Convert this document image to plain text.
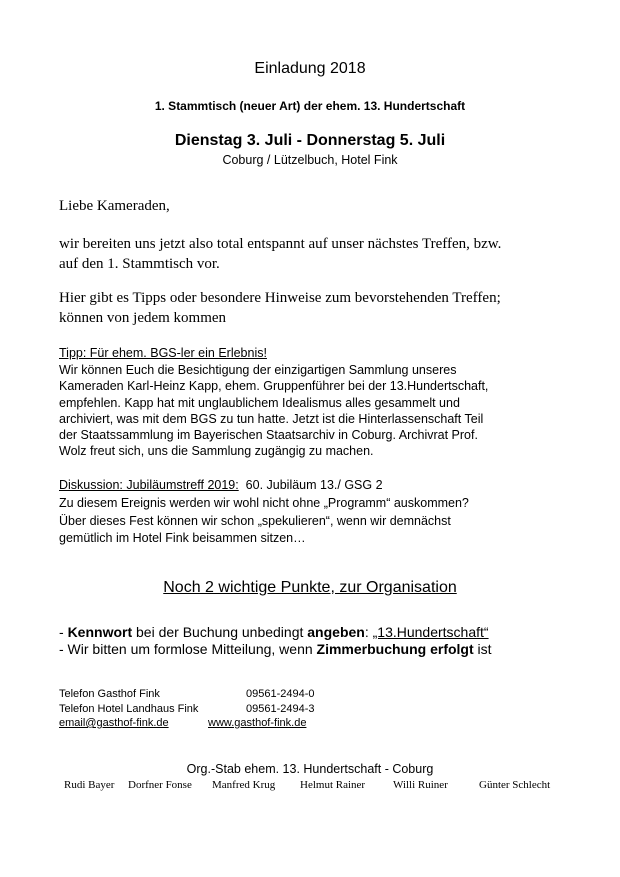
Einladung 2018
1. Stammtisch (neuer Art) der ehem. 13. Hundertschaft
Dienstag 3. Juli - Donnerstag 5. Juli
Coburg / Lützelbuch, Hotel Fink
Liebe Kameraden,
wir bereiten uns jetzt also total entspannt auf unser nächstes Treffen, bzw.
auf den 1. Stammtisch vor.
Hier gibt es Tipps oder besondere Hinweise zum bevorstehenden Treffen;
können von jedem kommen
Tipp: Für ehem. BGS-ler ein Erlebnis!
Wir können Euch die Besichtigung der einzigartigen Sammlung unseres
Kameraden Karl-Heinz Kapp, ehem. Gruppenführer bei der 13.Hundertschaft,
empfehlen. Kapp hat mit unglaublichem Idealismus alles gesammelt und
archiviert, was mit dem BGS zu tun hatte. Jetzt ist die Hinterlassenschaft Teil
der Staatssammlung im Bayerischen Staatsarchiv in Coburg. Archivrat Prof.
Wolz freut sich, uns die Sammlung zugängig zu machen.
Diskussion: Jubiläumstreff 2019:  60. Jubiläum 13./ GSG 2
Zu diesem Ereignis werden wir wohl nicht ohne „Programm“ auskommen?
Über dieses Fest können wir schon „spekulieren“, wenn wir demnächst
gemütlich im Hotel Fink beisammen sitzen…
Noch 2 wichtige Punkte, zur Organisation
- Kennwort bei der Buchung unbedingt angeben: „13.Hundertschaft“
- Wir bitten um formlose Mitteilung, wenn Zimmerbuchung erfolgt ist
Telefon Gasthof Fink	09561-2494-0
Telefon Hotel Landhaus Fink	09561-2494-3
email@gasthof-fink.de	www.gasthof-fink.de
Org.-Stab ehem. 13. Hundertschaft - Coburg
Rudi Bayer Dorfner Fonse Manfred Krug Helmut Rainer	Willi Ruiner	Günter Schlecht
